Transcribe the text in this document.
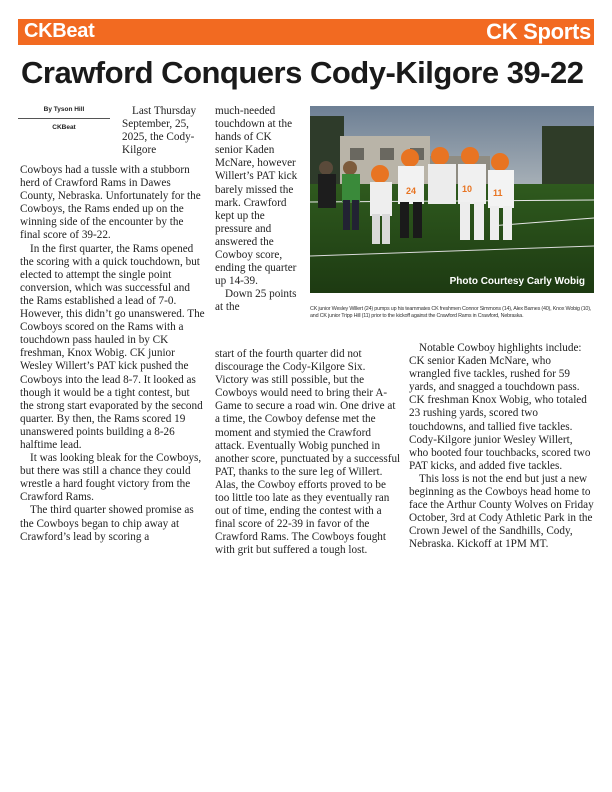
CKBeat	CK Sports
Crawford Conquers Cody-Kilgore 39-22
By Tyson Hill
CKBeat

Last Thursday September, 25, 2025, the Cody-Kilgore

Cowboys had a tussle with a stubborn herd of Crawford Rams in Dawes County, Nebraska. Unfortunately for the Cowboys, the Rams ended up on the winning side of the encounter by the final score of 39-22.

In the first quarter, the Rams opened the scoring with a quick touchdown, but elected to attempt the single point conversion, which was successful and the Rams established a lead of 7-0. However, this didn’t go unanswered. The Cowboys scored on the Rams with a touchdown pass hauled in by CK freshman, Knox Wobig. CK junior Wesley Willert’s PAT kick pushed the Cowboys into the lead 8-7. It looked as though it would be a tight contest, but the strong start evaporated by the second quarter. By then, the Rams scored 19 unanswered points building a 8-26 halftime lead.

It was looking bleak for the Cowboys, but there was still a chance they could wrestle a hard fought victory from the Crawford Rams.

The third quarter showed promise as the Cowboys began to chip away at Crawford’s lead by scoring a

much-needed touchdown at the hands of CK senior Kaden McNare, however Willert’s PAT kick barely missed the mark. Crawford kept up the pressure and answered the Cowboy score, ending the quarter up 14-39.

Down 25 points at the

start of the fourth quarter did not discourage the Cody-Kilgore Six. Victory was still possible, but the Cowboys would need to bring their A-Game to secure a road win. One drive at a time, the Cowboy defense met the moment and stymied the Crawford attack. Eventually Wobig punched in another score, punctuated by a successful PAT, thanks to the sure leg of Willert. Alas, the Cowboy efforts proved to be too little too late as they eventually ran out of time, ending the contest with a final score of 22-39 in favor of the Crawford Rams. The Cowboys fought with grit but suffered a tough lost.

24	10 11
Photo Courtesy Carly Wobig
CK junior Wesley Willert (24) pumps up his teammates CK freshmen Connor Simmons (14), Alex Barnes (40), Knox Wobig (10), and CK junior Tripp Hill (11) prior to the kickoff against the Crawford Rams in Crawford, Nebraska.

Notable Cowboy highlights include: CK senior Kaden McNare, who wrangled five tackles, rushed for 59 yards, and snagged a touchdown pass. CK freshman Knox Wobig, who totaled 23 rushing yards, scored two touchdowns, and tallied five tackles. Cody-Kilgore junior Wesley Willert, who booted four touchbacks, scored two PAT kicks, and added five tackles.

This loss is not the end but just a new beginning as the Cowboys head home to face the Arthur County Wolves on Friday October, 3rd at Cody Athletic Park in the Crown Jewel of the Sandhills, Cody, Nebraska. Kickoff at 1PM MT.
